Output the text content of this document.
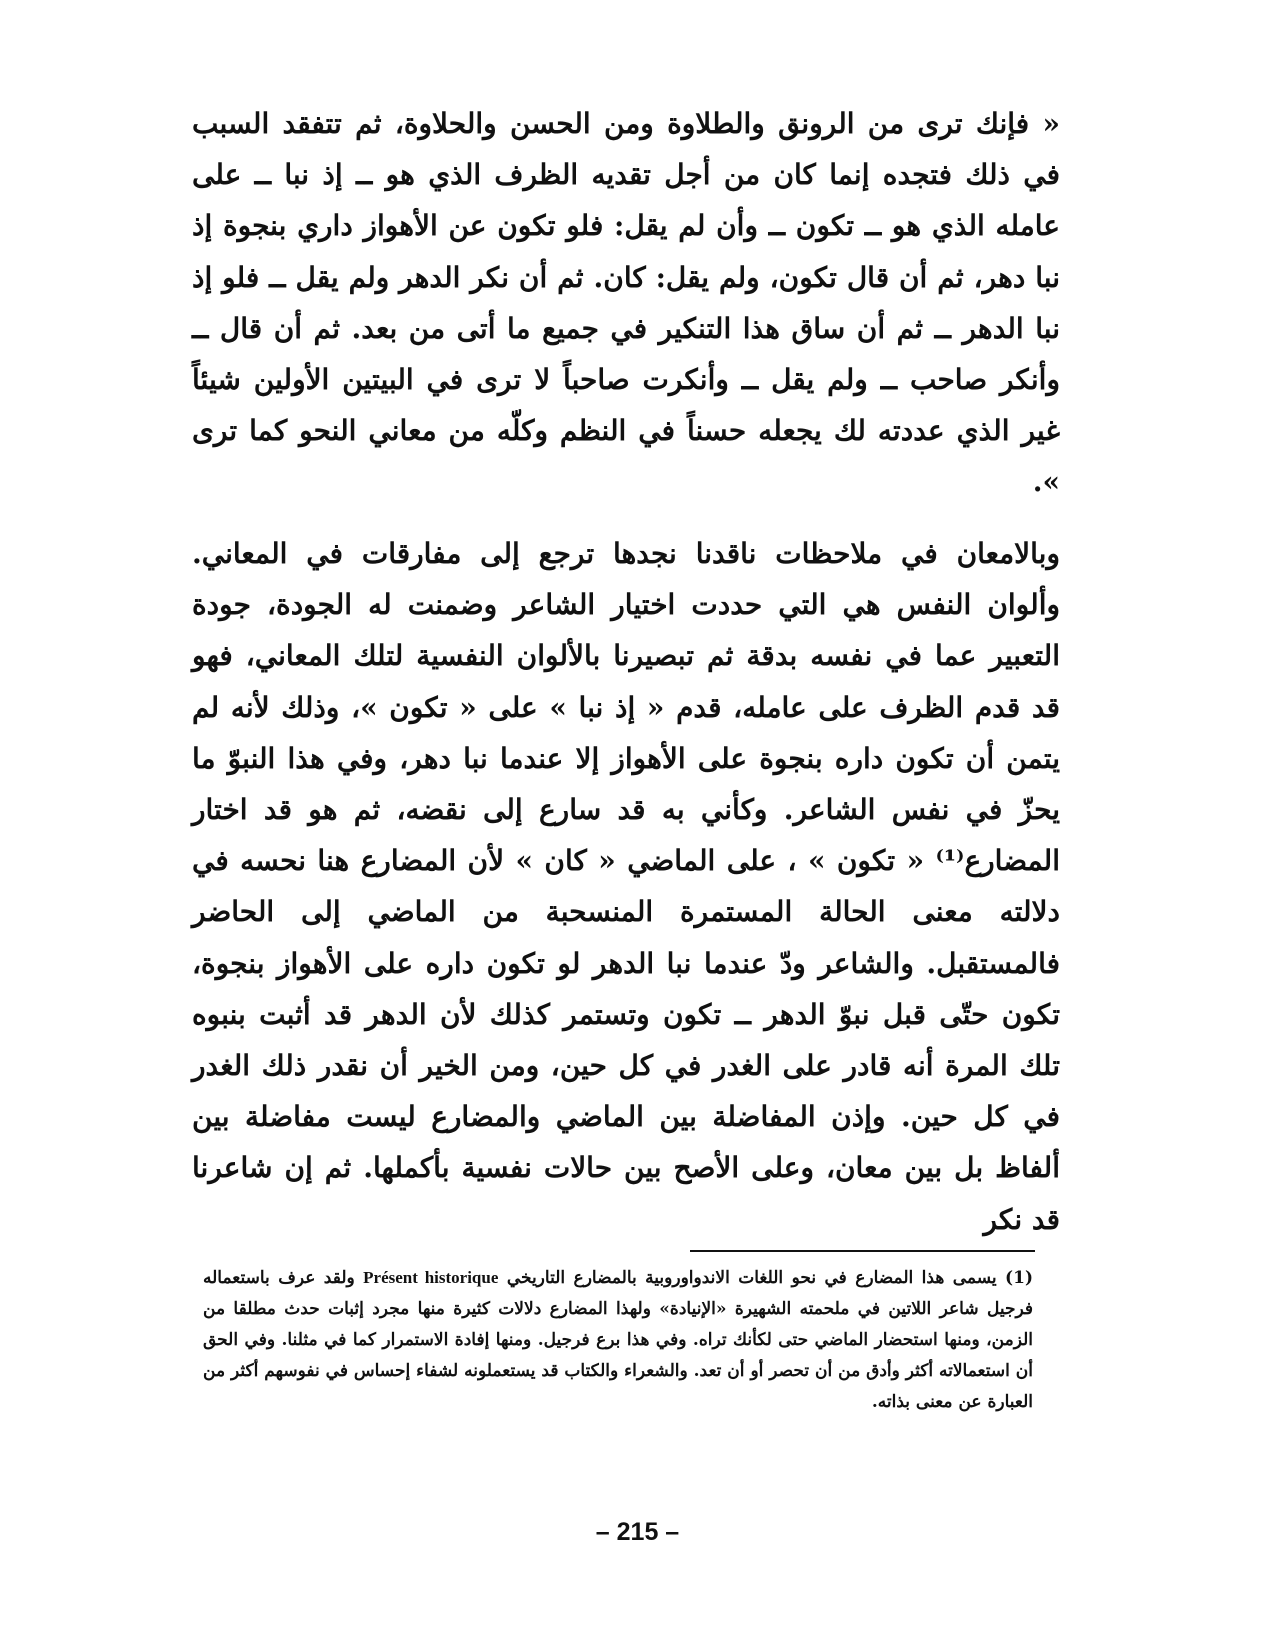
« فإنك ترى من الرونق والطلاوة ومن الحسن والحلاوة، ثم تتفقد السبب في ذلك فتجده إنما كان من أجل تقديه الظرف الذي هو ــ إذ نبا ــ على عامله الذي هو ــ تكون ــ وأن لم يقل: فلو تكون عن الأهواز داري بنجوة إذ نبا دهر، ثم أن قال تكون، ولم يقل: كان. ثم أن نكر الدهر ولم يقل ــ فلو إذ نبا الدهر ــ ثم أن ساق هذا التنكير في جميع ما أتى من بعد. ثم أن قال ــ وأنكر صاحب ــ ولم يقل ــ وأنكرت صاحباً لا ترى في البيتين الأولين شيئاً غير الذي عددته لك يجعله حسناً في النظم وكلّه من معاني النحو كما ترى ».

وبالامعان في ملاحظات ناقدنا نجدها ترجع إلى مفارقات في المعاني. وألوان النفس هي التي حددت اختيار الشاعر وضمنت له الجودة، جودة التعبير عما في نفسه بدقة ثم تبصيرنا بالألوان النفسية لتلك المعاني، فهو قد قدم الظرف على عامله، قدم « إذ نبا » على « تكون »، وذلك لأنه لم يتمن أن تكون داره بنجوة على الأهواز إلا عندما نبا دهر، وفي هذا النبوّ ما يحزّ في نفس الشاعر. وكأني به قد سارع إلى نقضه، ثم هو قد اختار المضارع⁽¹⁾ « تكون » ، على الماضي « كان » لأن المضارع هنا نحسه في دلالته معنى الحالة المستمرة المنسحبة من الماضي إلى الحاضر فالمستقبل. والشاعر ودّ عندما نبا الدهر لو تكون داره على الأهواز بنجوة، تكون حتّى قبل نبوّ الدهر ــ تكون وتستمر كذلك لأن الدهر قد أثبت بنبوه تلك المرة أنه قادر على الغدر في كل حين، ومن الخير أن نقدر ذلك الغدر في كل حين. وإذن المفاضلة بين الماضي والمضارع ليست مفاضلة بين ألفاظ بل بين معان، وعلى الأصح بين حالات نفسية بأكملها. ثم إن شاعرنا قد نكر

(1) يسمى هذا المضارع في نحو اللغات الاندواوروبية بالمضارع التاريخي Présent historique ولقد عرف باستعماله فرجيل شاعر اللاتين في ملحمته الشهيرة «الإنيادة» ولهذا المضارع دلالات كثيرة منها مجرد إثبات حدث مطلقا من الزمن، ومنها استحضار الماضي حتى لكأنك تراه. وفي هذا برع فرجيل. ومنها إفادة الاستمرار كما في مثلنا. وفي الحق أن استعمالاته أكثر وأدق من أن تحصر أو أن تعد. والشعراء والكتاب قد يستعملونه لشفاء إحساس في نفوسهم أكثر من العبارة عن معنى بذاته.

– 215 –
